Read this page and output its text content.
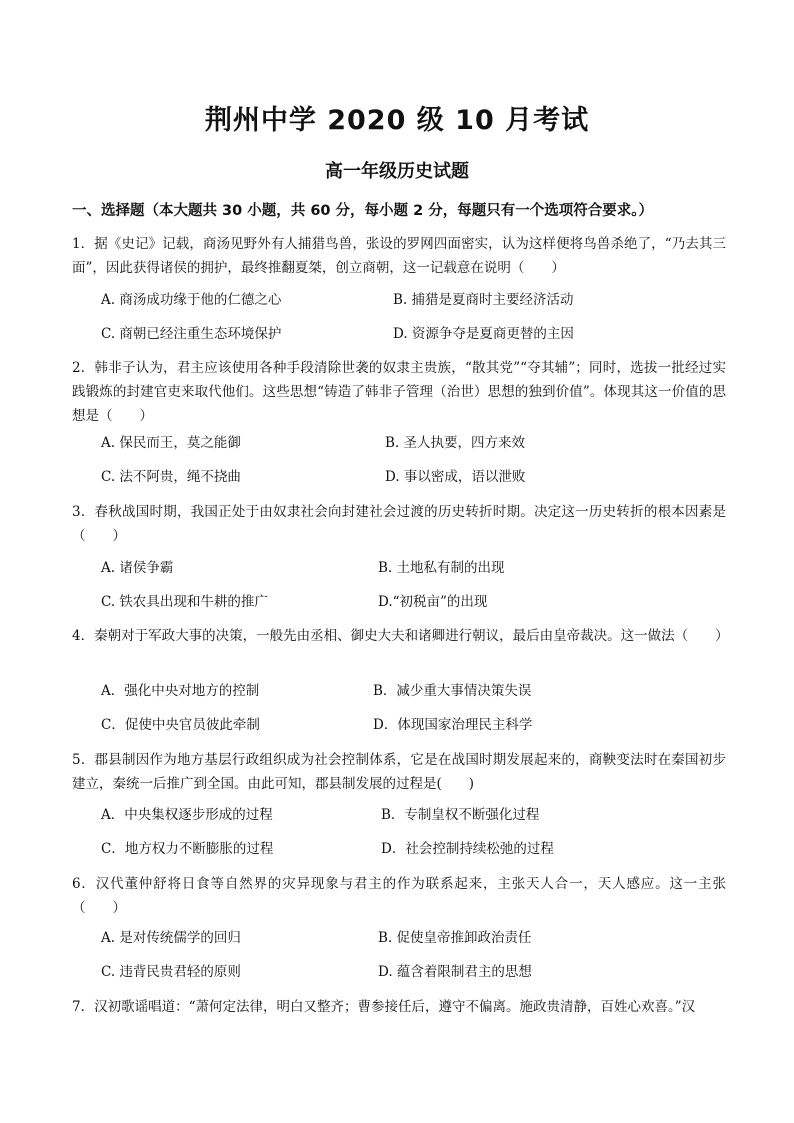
荆州中学 2020 级 10 月考试
高一年级历史试题
一、选择题（本大题共 30 小题，共 60 分，每小题 2 分，每题只有一个选项符合要求。）
1．据《史记》记载，商汤见野外有人捕猎鸟兽，张设的罗网四面密实，认为这样便将鸟兽杀绝了，“乃去其三面”，因此获得诸侯的拥护，最终推翻夏桀，创立商朝，这一记载意在说明（　　）
A. 商汤成功缘于他的仁德之心	B. 捕猎是夏商时主要经济活动
C. 商朝已经注重生态环境保护	D. 资源争夺是夏商更替的主因
2．韩非子认为，君主应该使用各种手段清除世袭的奴隶主贵族，“散其党”“夺其辅”；同时，选拔一批经过实践锻炼的封建官吏来取代他们。这些思想“铸造了韩非子管理（治世）思想的独到价值”。体现其这一价值的思想是（　　）
A. 保民而王，莫之能御	B. 圣人执要，四方来效
C. 法不阿贵，绳不挠曲	D. 事以密成，语以泄败
3．春秋战国时期，我国正处于由奴隶社会向封建社会过渡的历史转折时期。决定这一历史转折的根本因素是（　　）
A. 诸侯争霸	B. 土地私有制的出现
C. 铁农具出现和牛耕的推广	D.“初税亩”的出现
4．秦朝对于军政大事的决策，一般先由丞相、御史大夫和诸卿进行朝议，最后由皇帝裁决。这一做法（　　）
A．强化中央对地方的控制	B．减少重大事情决策失误
C．促使中央官员彼此牵制	D．体现国家治理民主科学
5．郡县制因作为地方基层行政组织成为社会控制体系，它是在战国时期发展起来的，商鞅变法时在秦国初步建立，秦统一后推广到全国。由此可知，郡县制发展的过程是(　　)
A．中央集权逐步形成的过程	B．专制皇权不断强化过程
C．地方权力不断膨胀的过程	D．社会控制持续松弛的过程
6．汉代董仲舒将日食等自然界的灾异现象与君主的作为联系起来，主张天人合一，天人感应。这一主张（　　）
A. 是对传统儒学的回归	B. 促使皇帝推卸政治责任
C. 违背民贵君轻的原则	D. 蕴含着限制君主的思想
7．汉初歌谣唱道：“萧何定法律，明白又整齐；曹参接任后，遵守不偏离。施政贵清静，百姓心欢喜。”汉
